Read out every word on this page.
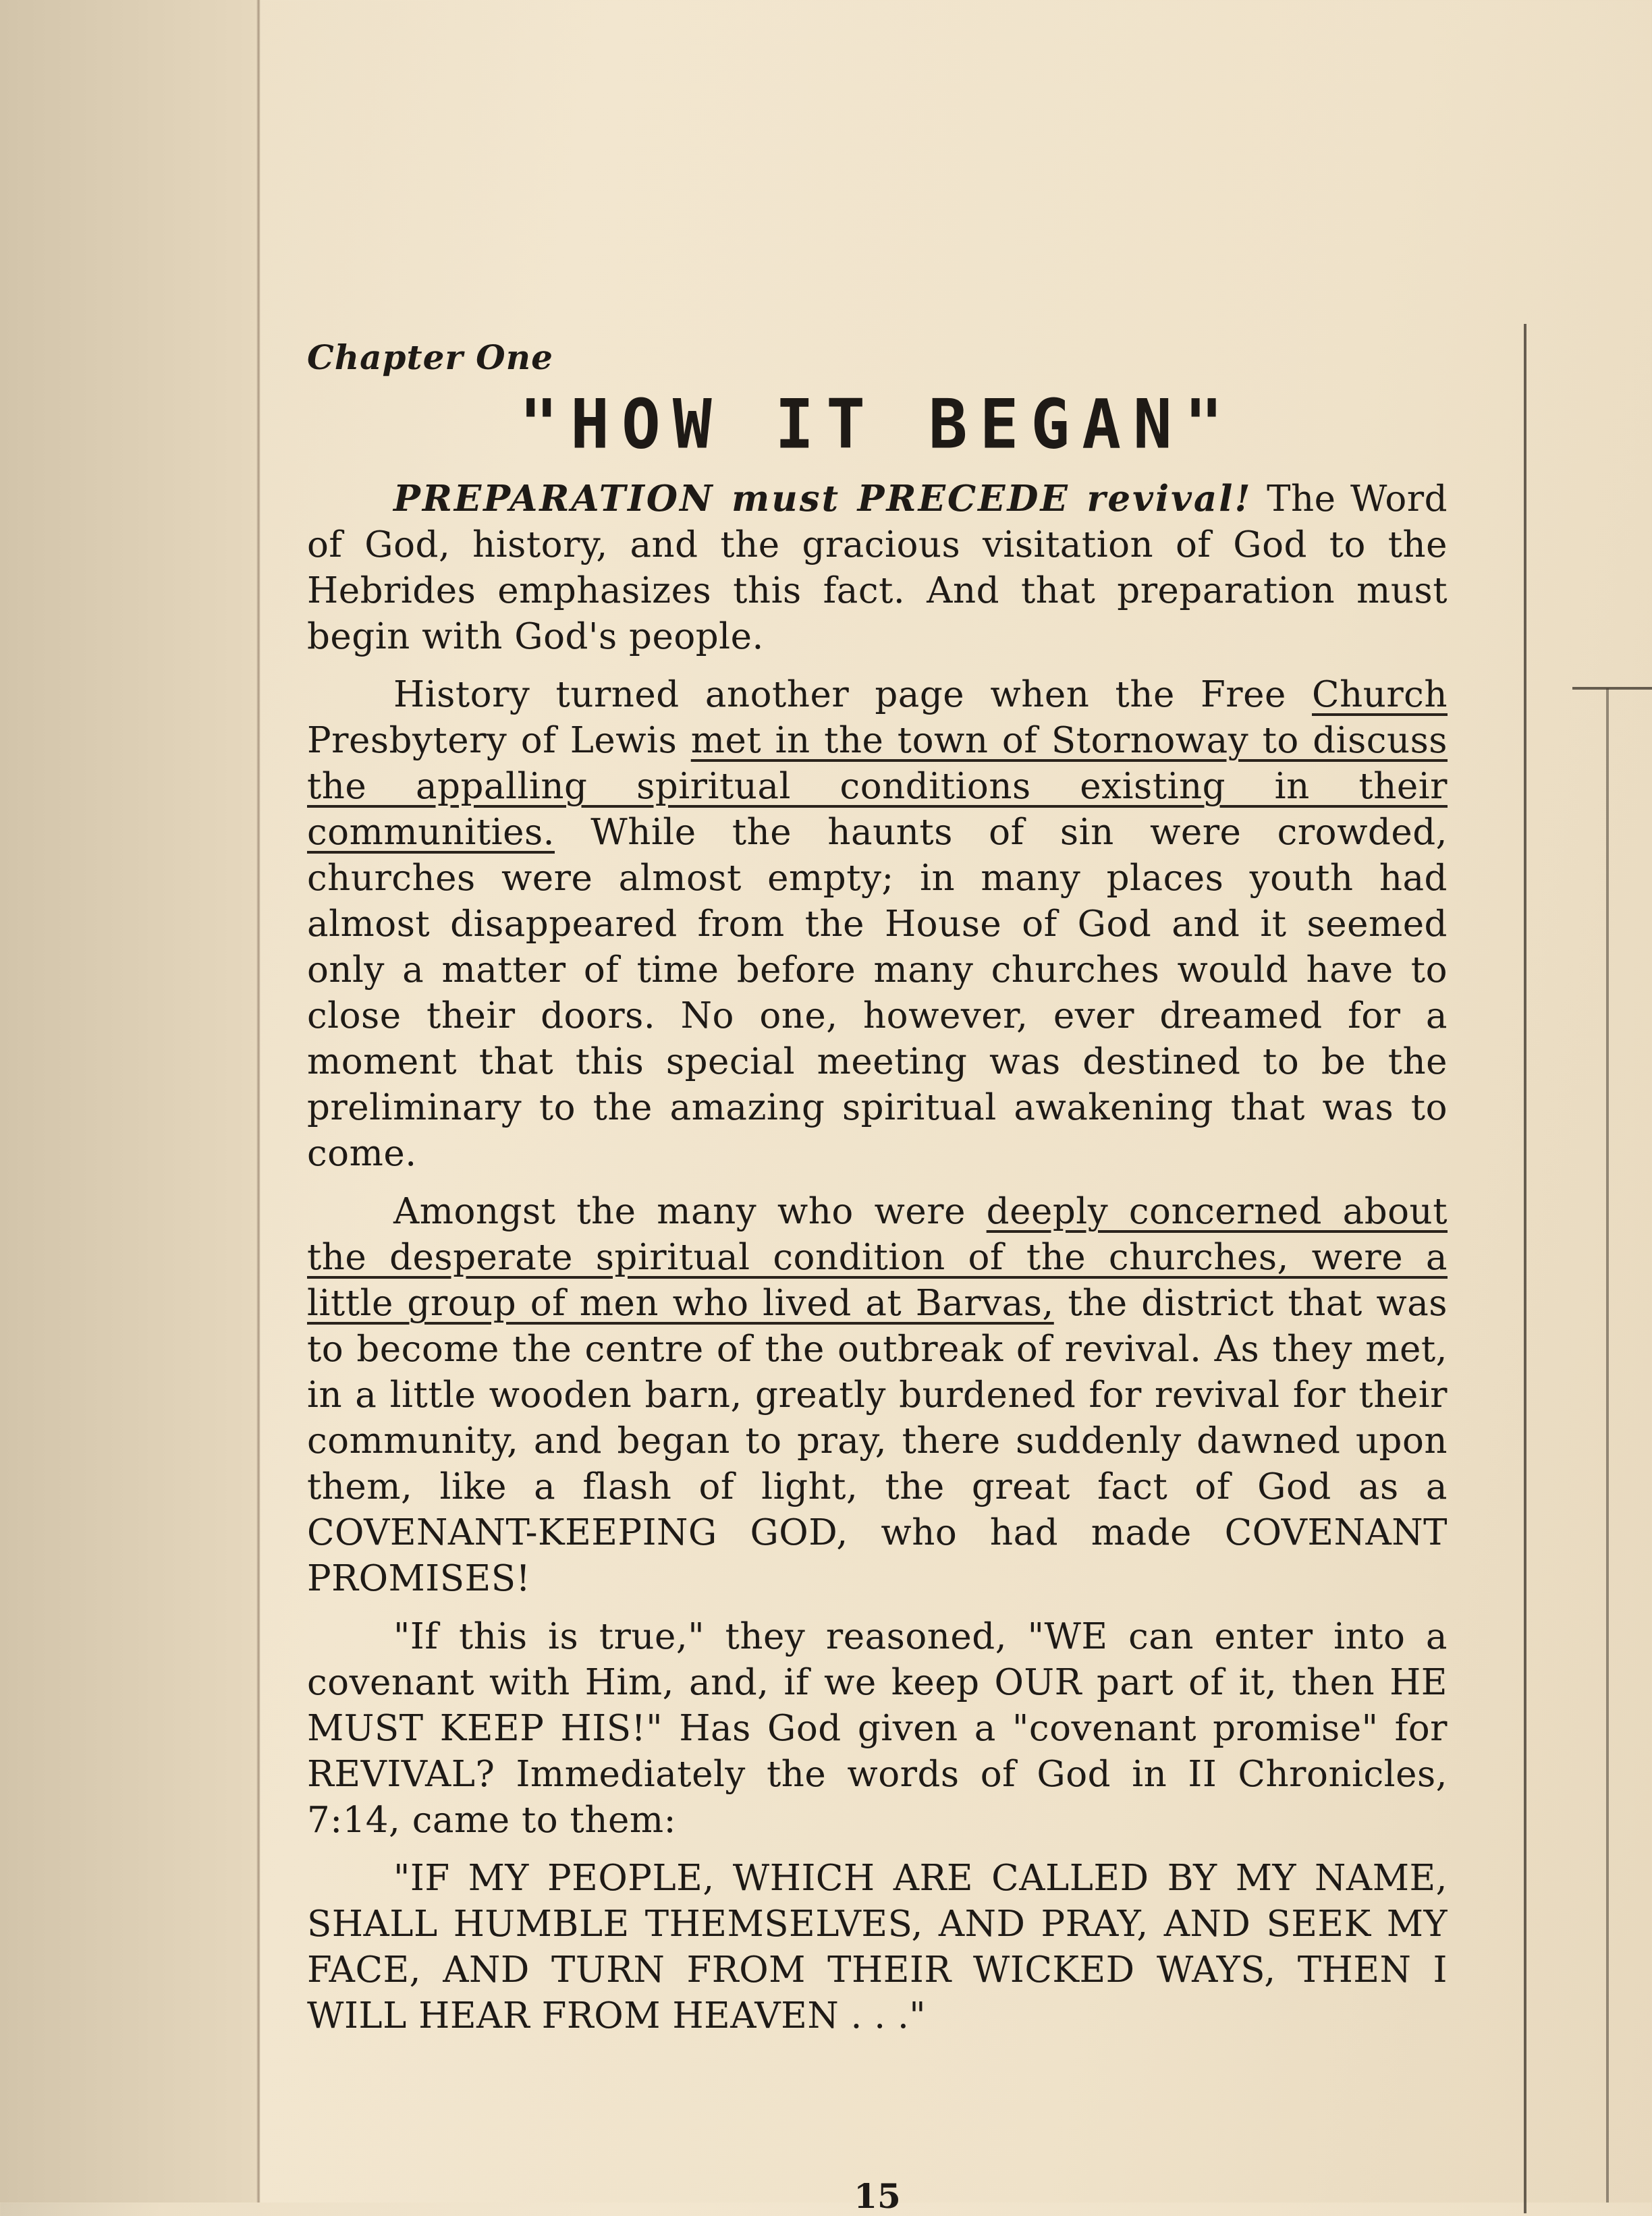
Chapter One
"HOW IT BEGAN"

PREPARATION must PRECEDE revival! The Word of God, history, and the gracious visitation of God to the Hebrides emphasizes this fact. And that preparation must begin with God's people.

History turned another page when the Free Church Presbytery of Lewis met in the town of Stornoway to discuss the appalling spiritual conditions existing in their communities. While the haunts of sin were crowded, churches were almost empty; in many places youth had almost disappeared from the House of God and it seemed only a matter of time before many churches would have to close their doors. No one, however, ever dreamed for a moment that this special meeting was destined to be the preliminary to the amazing spiritual awakening that was to come.

Amongst the many who were deeply concerned about the desperate spiritual condition of the churches, were a little group of men who lived at Barvas, the district that was to become the centre of the outbreak of revival. As they met, in a little wooden barn, greatly burdened for revival for their community, and began to pray, there suddenly dawned upon them, like a flash of light, the great fact of God as a COVENANT-KEEPING GOD, who had made COVENANT PROMISES!

"If this is true," they reasoned, "WE can enter into a covenant with Him, and, if we keep OUR part of it, then HE MUST KEEP HIS!" Has God given a "covenant promise" for REVIVAL? Immediately the words of God in II Chronicles, 7:14, came to them:

"IF MY PEOPLE, WHICH ARE CALLED BY MY NAME, SHALL HUMBLE THEMSELVES, AND PRAY, AND SEEK MY FACE, AND TURN FROM THEIR WICKED WAYS, THEN I WILL HEAR FROM HEAVEN . . ."

15
